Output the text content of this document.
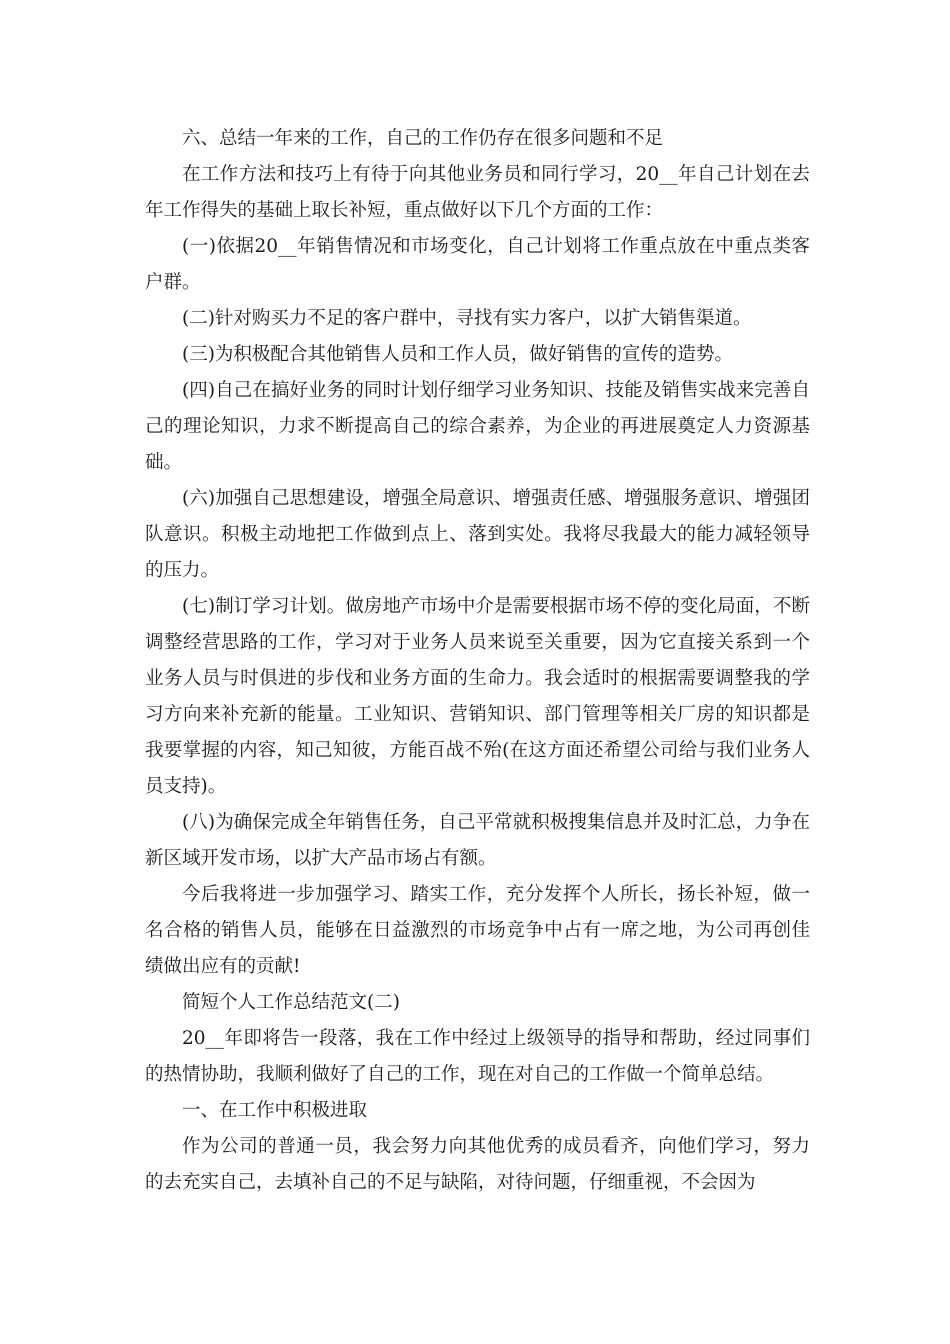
六、总结一年来的工作，自己的工作仍存在很多问题和不足

在工作方法和技巧上有待于向其他业务员和同行学习，20__年自己计划在去年工作得失的基础上取长补短，重点做好以下几个方面的工作：

(一)依据20__年销售情况和市场变化，自己计划将工作重点放在中重点类客户群。

(二)针对购买力不足的客户群中，寻找有实力客户，以扩大销售渠道。

(三)为积极配合其他销售人员和工作人员，做好销售的宣传的造势。

(四)自己在搞好业务的同时计划仔细学习业务知识、技能及销售实战来完善自己的理论知识，力求不断提高自己的综合素养，为企业的再进展奠定人力资源基础。

(六)加强自己思想建设，增强全局意识、增强责任感、增强服务意识、增强团队意识。积极主动地把工作做到点上、落到实处。我将尽我最大的能力减轻领导的压力。

(七)制订学习计划。做房地产市场中介是需要根据市场不停的变化局面，不断调整经营思路的工作，学习对于业务人员来说至关重要，因为它直接关系到一个业务人员与时俱进的步伐和业务方面的生命力。我会适时的根据需要调整我的学习方向来补充新的能量。工业知识、营销知识、部门管理等相关厂房的知识都是我要掌握的内容，知己知彼，方能百战不殆(在这方面还希望公司给与我们业务人员支持)。

(八)为确保完成全年销售任务，自己平常就积极搜集信息并及时汇总，力争在新区域开发市场，以扩大产品市场占有额。

今后我将进一步加强学习、踏实工作，充分发挥个人所长，扬长补短，做一名合格的销售人员，能够在日益激烈的市场竞争中占有一席之地，为公司再创佳绩做出应有的贡献!

简短个人工作总结范文(二)

20__年即将告一段落，我在工作中经过上级领导的指导和帮助，经过同事们的热情协助，我顺利做好了自己的工作，现在对自己的工作做一个简单总结。

一、在工作中积极进取

作为公司的普通一员，我会努力向其他优秀的成员看齐，向他们学习，努力的去充实自己，去填补自己的不足与缺陷，对待问题，仔细重视，不会因为
